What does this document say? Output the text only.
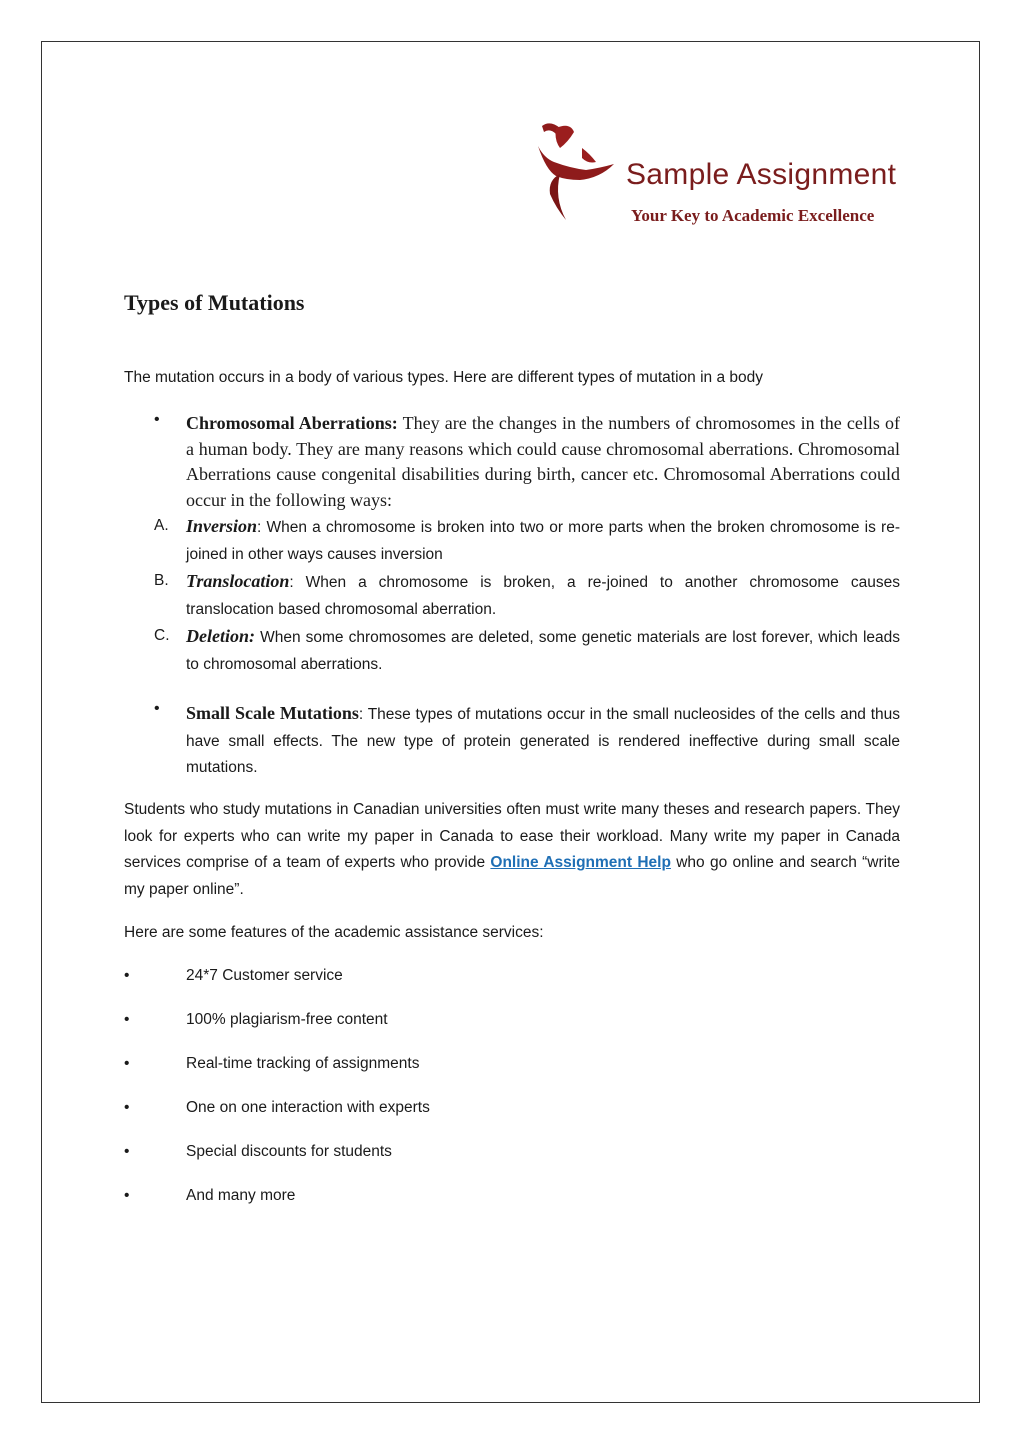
Sample Assignment
Your Key to Academic Excellence
Types of Mutations

The mutation occurs in a body of various types. Here are different types of mutation in a body

• Chromosomal Aberrations: They are the changes in the numbers of chromosomes in the cells of a human body. They are many reasons which could cause chromosomal aberrations. Chromosomal Aberrations cause congenital disabilities during birth, cancer etc. Chromosomal Aberrations could occur in the following ways:

A. Inversion: When a chromosome is broken into two or more parts when the broken chromosome is re-joined in other ways causes inversion
B. Translocation: When a chromosome is broken, a re-joined to another chromosome causes translocation based chromosomal aberration.
C. Deletion: When some chromosomes are deleted, some genetic materials are lost forever, which leads to chromosomal aberrations.
• Small Scale Mutations: These types of mutations occur in the small nucleosides of the cells and thus have small effects. The new type of protein generated is rendered ineffective during small scale mutations.

Students who study mutations in Canadian universities often must write many theses and research papers. They look for experts who can write my paper in Canada to ease their workload. Many write my paper in Canada services comprise of a team of experts who provide Online Assignment Help who go online and search “write my paper online”.

Here are some features of the academic assistance services:

•	24*7 Customer service
•	100% plagiarism-free content
•	Real-time tracking of assignments
•	One on one interaction with experts
•	Special discounts for students
•	And many more
